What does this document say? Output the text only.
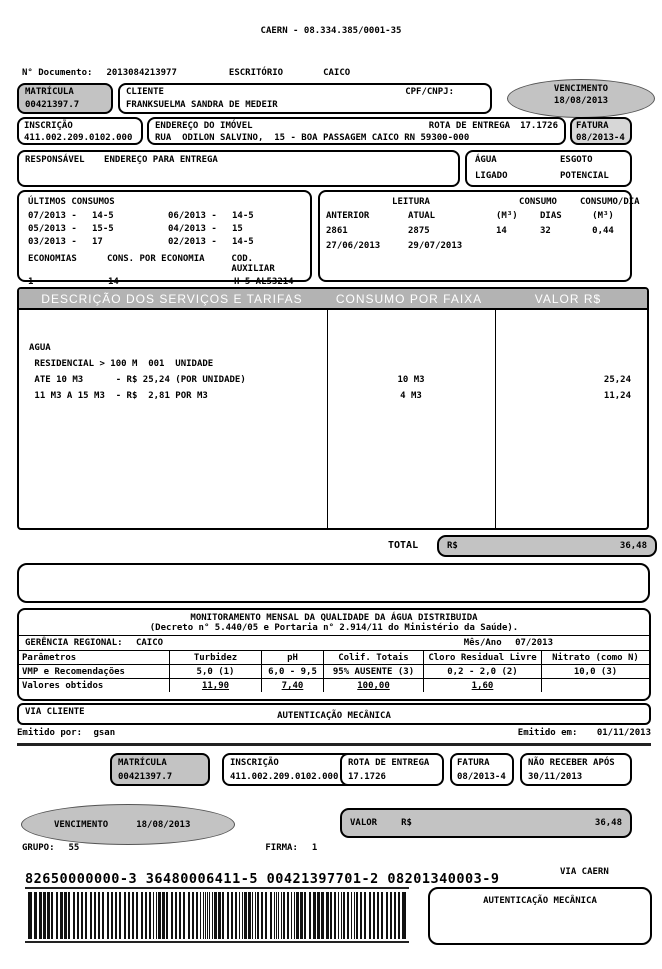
CAERN - 08.334.385/0001-35
N° Documento: 2013084213977	ESCRITÓRIO	CAICO
MATRÍCULA
00421397.7
CLIENTE	CPF/CNPJ:
FRANKSUELMA SANDRA DE MEDEIR
VENCIMENTO
18/08/2013
INSCRIÇÃO
411.002.209.0102.000
ENDEREÇO DO IMÓVEL	ROTA DE ENTREGA 17.1726
RUA  ODILON SALVINO,  15 - BOA PASSAGEM CAICO RN 59300-000
FATURA
08/2013-4
RESPONSÁVEL ENDEREÇO PARA ENTREGA	ÁGUA	ESGOTO
LIGADO	POTENCIAL
ÚLTIMOS CONSUMOS
07/2013 -	14-5	06/2013 -	14-5
05/2013 -	15-5	04/2013 -	15
03/2013 -	17	02/2013 -	14-5
ECONOMIAS	CONS. POR ECONOMIA	COD. AUXILIAR
1	14	H 5 AL53214
LEITURA	CONSUMO	CONSUMO/DIA
ANTERIOR	ATUAL	(M³)	DIAS	(M³)
2861	2875	14	32	0,44
27/06/2013	29/07/2013
DESCRIÇÃO DOS SERVIÇOS E TARIFAS	CONSUMO POR FAIXA	VALOR R$
AGUA
RESIDENCIAL > 100 M  001  UNIDADE
ATE 10 M3      - R$ 25,24 (POR UNIDADE)	10 M3	25,24
11 M3 A 15 M3  - R$  2,81 POR M3	4 M3	11,24
TOTAL	R$	36,48
MONITORAMENTO MENSAL DA QUALIDADE DA ÁGUA DISTRIBUIDA
(Decreto n° 5.440/05 e Portaria n° 2.914/11 do Ministério da Saúde).
GERÊNCIA REGIONAL: CAICO	Mês/Ano 07/2013
Parâmetros	Turbidez	pH	Colif. Totais	Cloro Residual Livre	Nitrato (como N)
VMP e Recomendações	5,0 (1)	6,0 - 9,5	95% AUSENTE (3)	0,2 - 2,0 (2)	10,0 (3)
Valores obtidos	11,90	7,40	100,00	1,60
VIA CLIENTE	AUTENTICAÇÃO MECÂNICA
Emitido por: gsan	Emitido em: 01/11/2013
MATRÍCULA
00421397.7
INSCRIÇÃO
411.002.209.0102.000
ROTA DE ENTREGA
17.1726
FATURA
08/2013-4
NÃO RECEBER APÓS
30/11/2013
VENCIMENTO	18/08/2013	VALOR	R$	36,48
GRUPO: 55	FIRMA: 1
82650000000-3 36480006411-5 00421397701-2 08201340003-9	VIA CAERN
AUTENTICAÇÃO MECÂNICA
